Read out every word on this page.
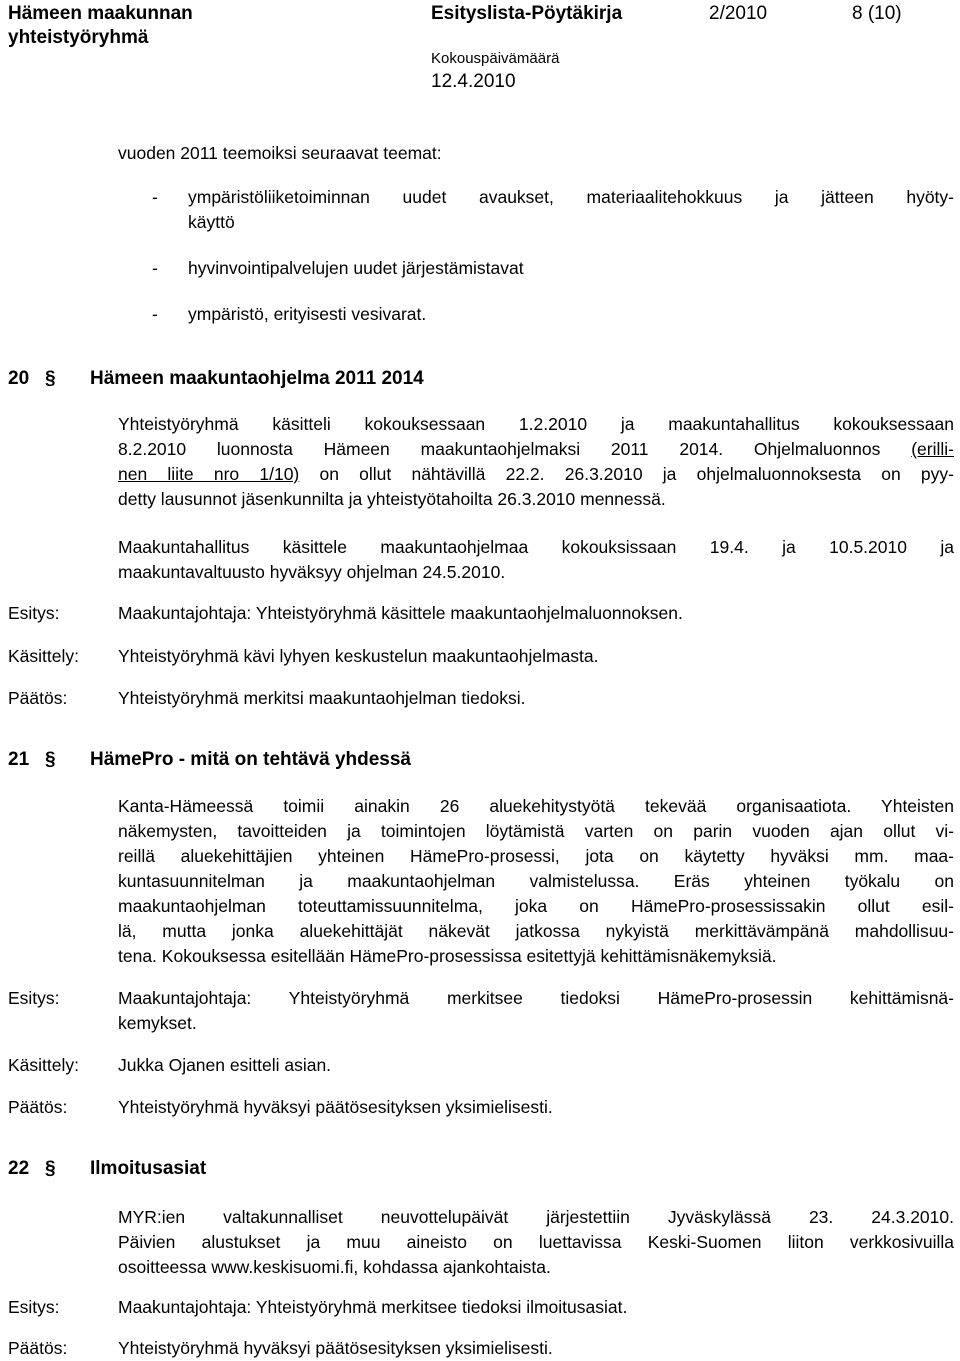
Hämeen maakunnan
yhteistyöryhmä
Esityslista-Pöytäkirja	2/2010	8 (10)
Kokouspäivämäärä
12.4.2010
vuoden 2011 teemoiksi seuraavat teemat:
- ympäristöliiketoiminnan uudet avaukset, materiaalitehokkuus ja jätteen hyöty-
käyttö
- hyvinvointipalvelujen uudet järjestämistavat
- ympäristö, erityisesti vesivarat.
20 § Hämeen maakuntaohjelma 2011 2014
Yhteistyöryhmä käsitteli kokouksessaan 1.2.2010 ja maakuntahallitus kokouksessaan
8.2.2010 luonnosta Hämeen maakuntaohjelmaksi 2011 2014. Ohjelmaluonnos (erilli-
nen liite nro 1/10) on ollut nähtävillä 22.2. 26.3.2010 ja ohjelmaluonnoksesta on pyy-
detty lausunnot jäsenkunnilta ja yhteistyötahoilta 26.3.2010 mennessä.
Maakuntahallitus käsittele maakuntaohjelmaa kokouksissaan 19.4. ja 10.5.2010 ja
maakuntavaltuusto hyväksyy ohjelman 24.5.2010.
Esitys:	Maakuntajohtaja: Yhteistyöryhmä käsittele maakuntaohjelmaluonnoksen.
Käsittely: Yhteistyöryhmä kävi lyhyen keskustelun maakuntaohjelmasta.
Päätös:	Yhteistyöryhmä merkitsi maakuntaohjelman tiedoksi.
21 § HämePro - mitä on tehtävä yhdessä
Kanta-Hämeessä toimii ainakin 26 aluekehitystyötä tekevää organisaatiota. Yhteisten
näkemysten, tavoitteiden ja toimintojen löytämistä varten on parin vuoden ajan ollut vi-
reillä aluekehittäjien yhteinen HämePro-prosessi, jota on käytetty hyväksi mm. maa-
kuntasuunnitelman ja maakuntaohjelman valmistelussa. Eräs yhteinen työkalu on
maakuntaohjelman toteuttamissuunnitelma, joka on HämePro-prosessissakin ollut esil-
lä, mutta jonka aluekehittäjät näkevät jatkossa nykyistä merkittävämpänä mahdollisuu-
tena. Kokouksessa esitellään HämePro-prosessissa esitettyjä kehittämisnäkemyksiä.
Esitys:	Maakuntajohtaja: Yhteistyöryhmä merkitsee tiedoksi HämePro-prosessin kehittämisnä-
kemykset.
Käsittely: Jukka Ojanen esitteli asian.
Päätös:	Yhteistyöryhmä hyväksyi päätösesityksen yksimielisesti.
22 § Ilmoitusasiat
MYR:ien valtakunnalliset neuvottelupäivät järjestettiin Jyväskylässä 23. 24.3.2010.
Päivien alustukset ja muu aineisto on luettavissa Keski-Suomen liiton verkkosivuilla
osoitteessa www.keskisuomi.fi, kohdassa ajankohtaista.
Esitys:	Maakuntajohtaja: Yhteistyöryhmä merkitsee tiedoksi ilmoitusasiat.
Päätös:	Yhteistyöryhmä hyväksyi päätösesityksen yksimielisesti.
